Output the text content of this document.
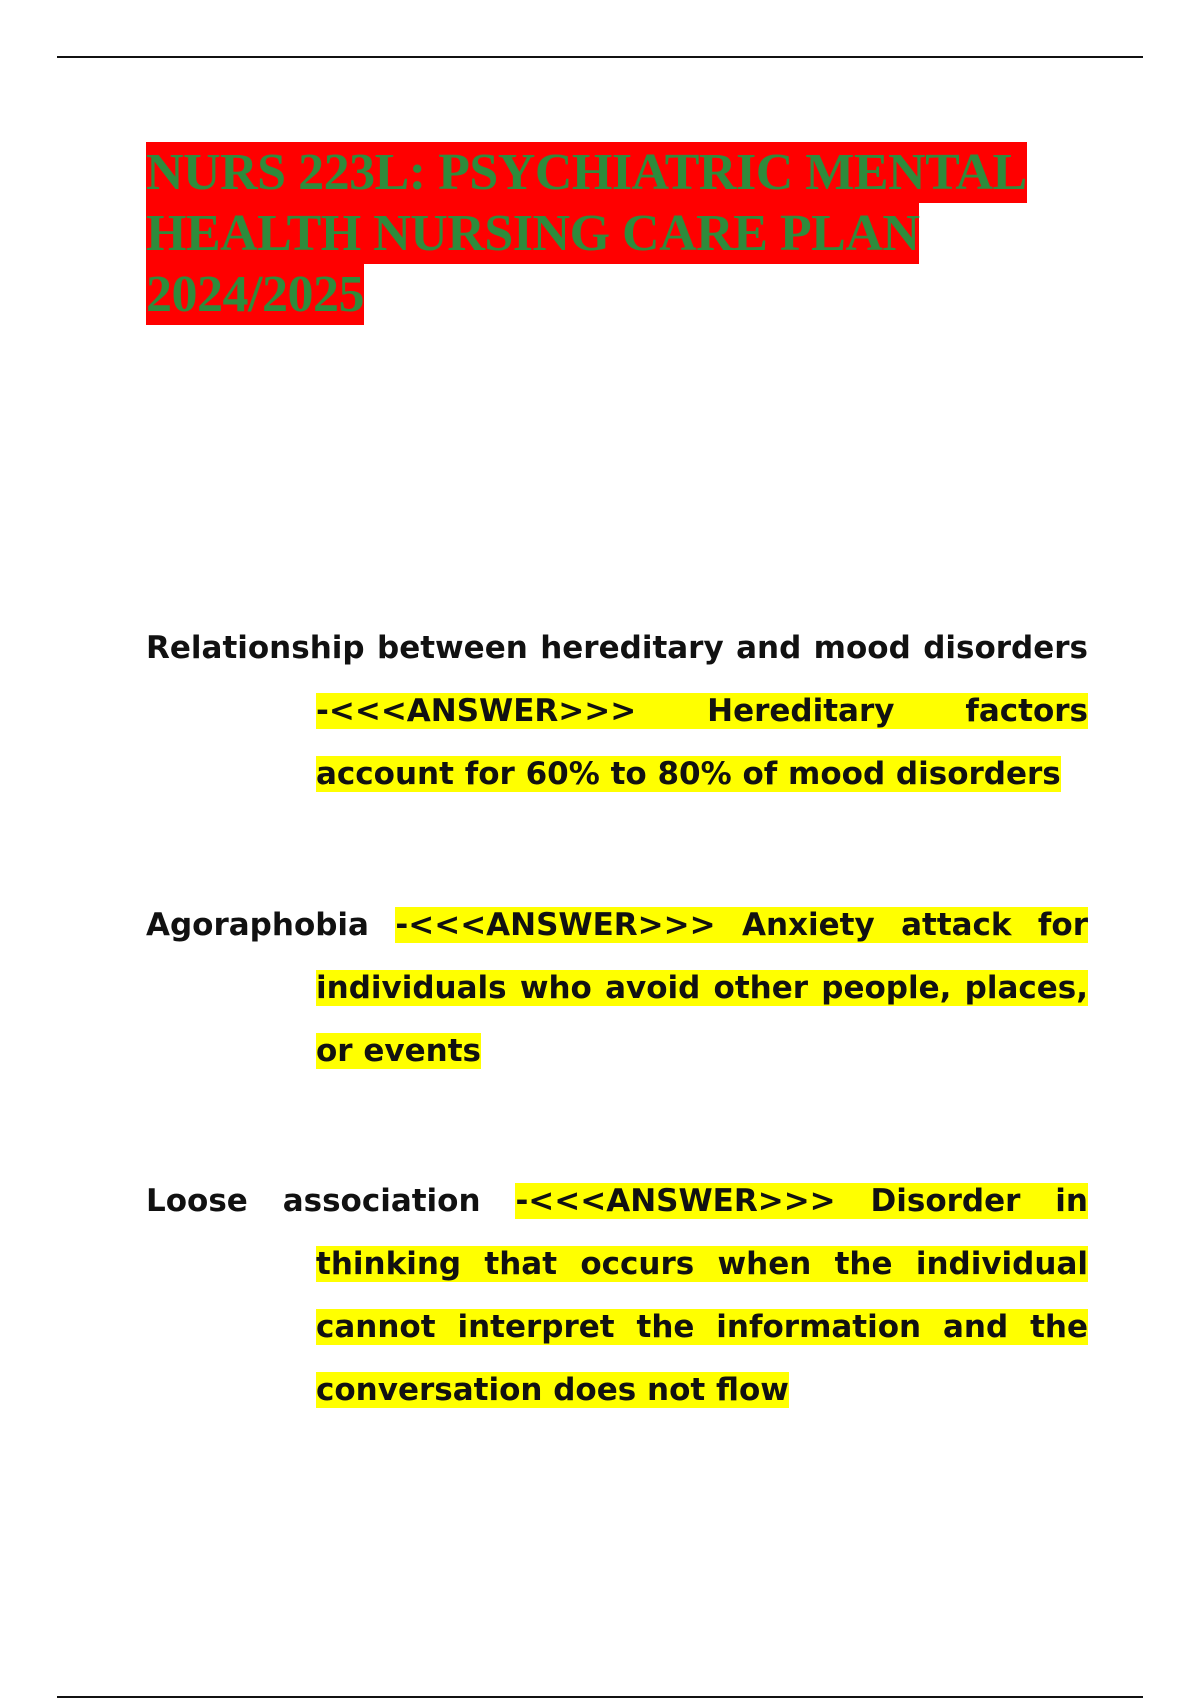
NURS 223L: PSYCHIATRIC MENTAL
HEALTH NURSING CARE PLAN
2024/2025

Relationship between hereditary and mood disorders -<<<ANSWER>>> Hereditary factors account for 60% to 80% of mood disorders

Agoraphobia -<<<ANSWER>>> Anxiety attack for individuals who avoid other people, places, or events

Loose association -<<<ANSWER>>> Disorder in thinking that occurs when the individual cannot interpret the information and the conversation does not flow
